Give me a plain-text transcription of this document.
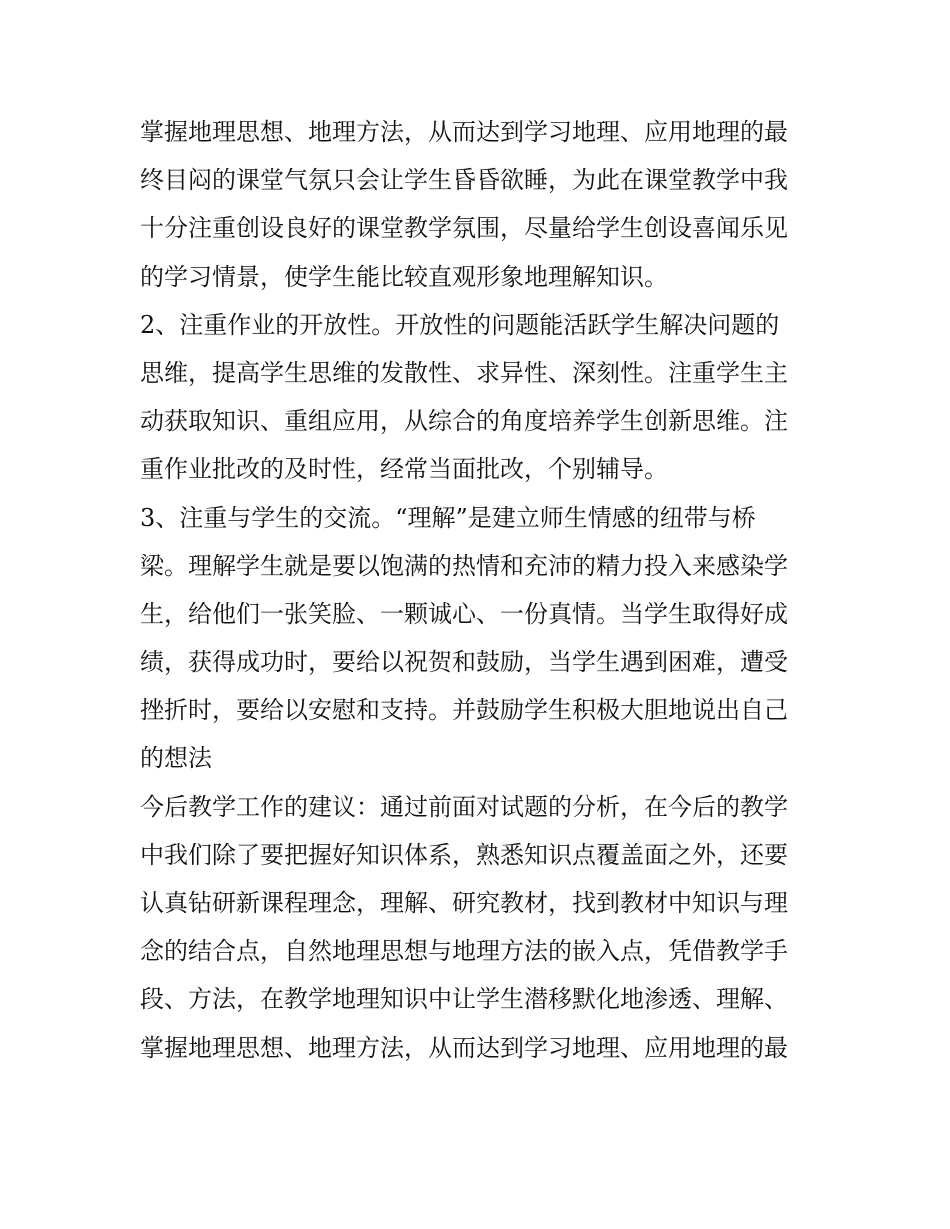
掌握地理思想、地理方法，从而达到学习地理、应用地理的最
终目闷的课堂气氛只会让学生昏昏欲睡，为此在课堂教学中我
十分注重创设良好的课堂教学氛围，尽量给学生创设喜闻乐见
的学习情景，使学生能比较直观形象地理解知识。
2、注重作业的开放性。开放性的问题能活跃学生解决问题的
思维，提高学生思维的发散性、求异性、深刻性。注重学生主
动获取知识、重组应用，从综合的角度培养学生创新思维。注
重作业批改的及时性，经常当面批改，个别辅导。
3、注重与学生的交流。“理解”是建立师生情感的纽带与桥
梁。理解学生就是要以饱满的热情和充沛的精力投入来感染学
生，给他们一张笑脸、一颗诚心、一份真情。当学生取得好成
绩，获得成功时，要给以祝贺和鼓励，当学生遇到困难，遭受
挫折时，要给以安慰和支持。并鼓励学生积极大胆地说出自己
的想法
今后教学工作的建议：通过前面对试题的分析，在今后的教学
中我们除了要把握好知识体系，熟悉知识点覆盖面之外，还要
认真钻研新课程理念，理解、研究教材，找到教材中知识与理
念的结合点，自然地理思想与地理方法的嵌入点，凭借教学手
段、方法，在教学地理知识中让学生潜移默化地渗透、理解、
掌握地理思想、地理方法，从而达到学习地理、应用地理的最
